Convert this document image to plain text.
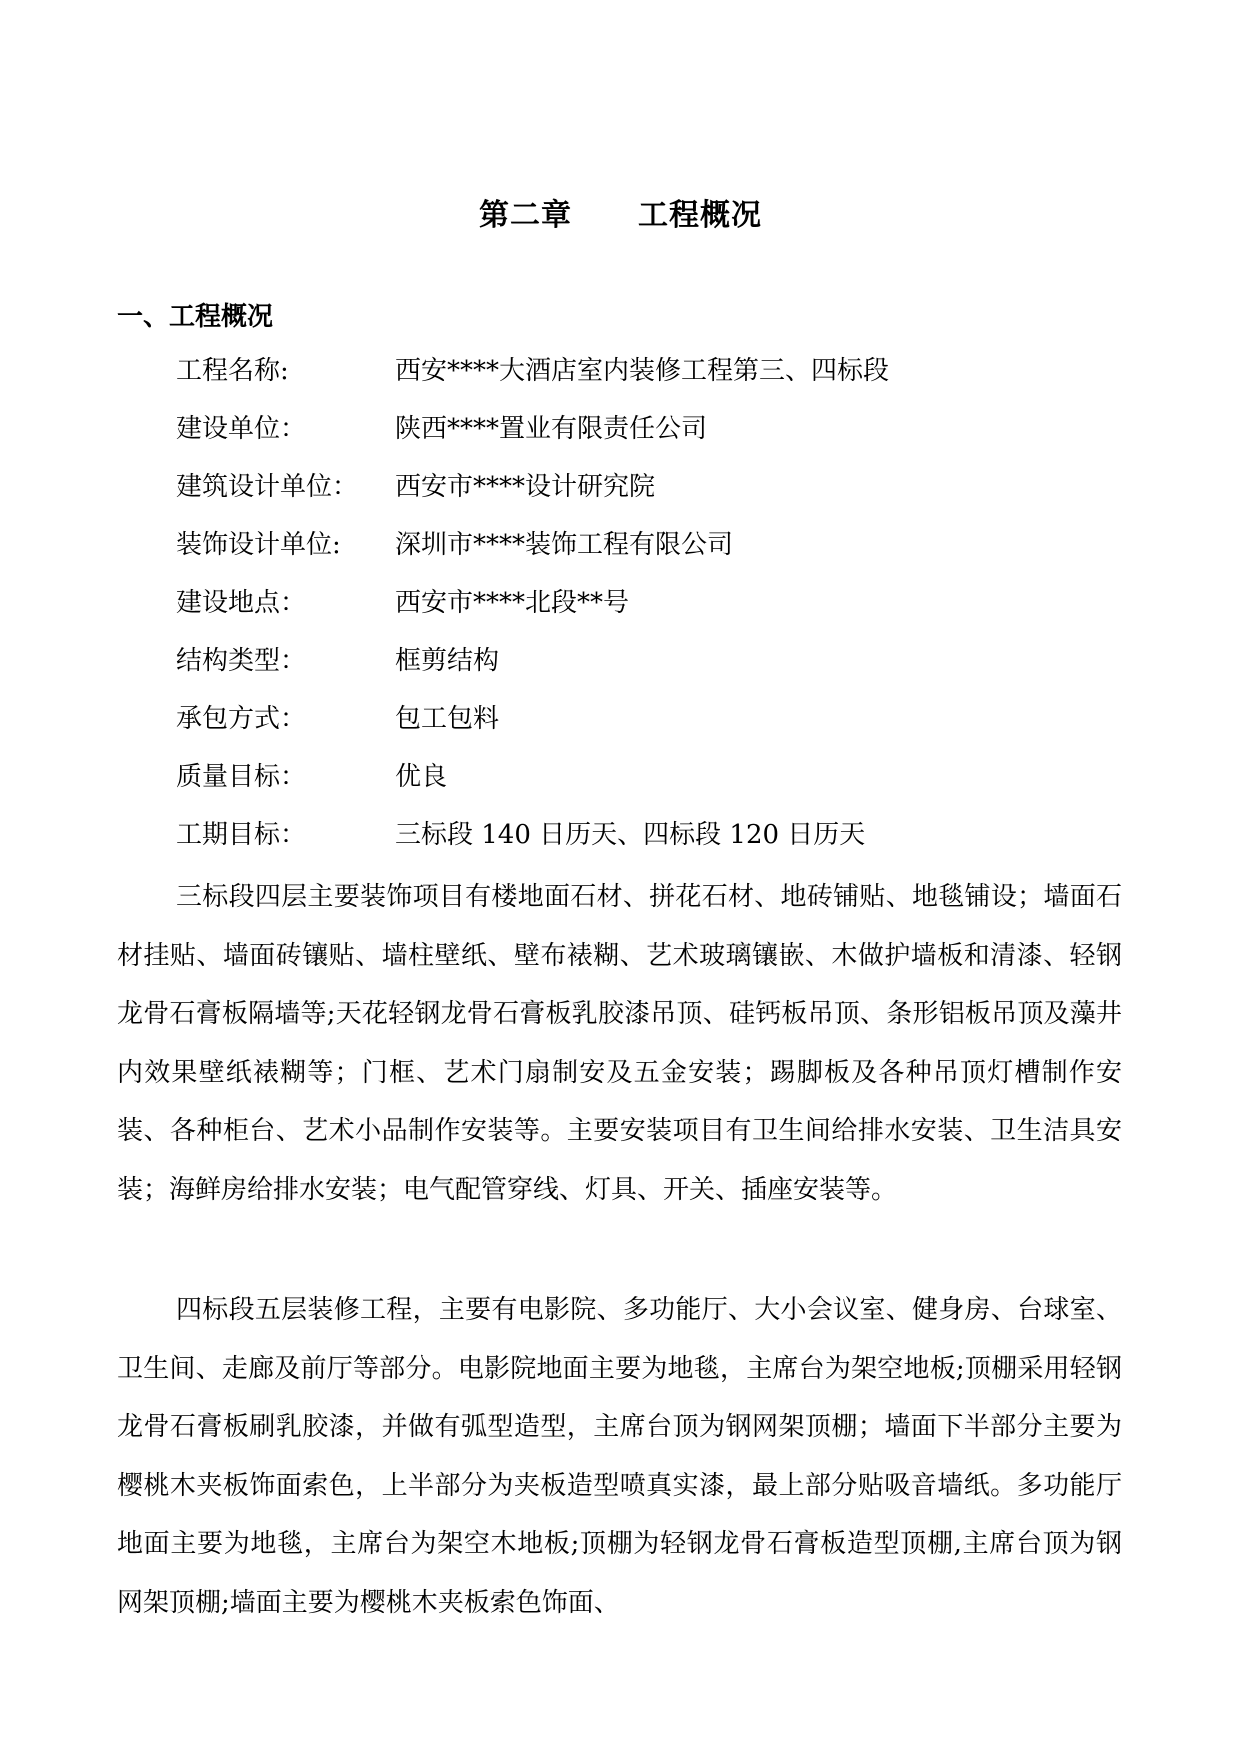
第二章 工程概况
一、工程概况
工程名称:	西安****大酒店室内装修工程第三、四标段
建设单位：	陕西****置业有限责任公司
建筑设计单位： 西安市****设计研究院
装饰设计单位: 深圳市****装饰工程有限公司
建设地点：	西安市****北段**号
结构类型：	框剪结构
承包方式：	包工包料
质量目标：	优良
工期目标：	三标段 140 日历天、四标段 120 日历天

三标段四层主要装饰项目有楼地面石材、拼花石材、地砖铺贴、地毯铺设；墙面石材挂贴、墙面砖镶贴、墙柱壁纸、壁布裱糊、艺术玻璃镶嵌、木做护墙板和清漆、轻钢龙骨石膏板隔墙等;天花轻钢龙骨石膏板乳胶漆吊顶、硅钙板吊顶、条形铝板吊顶及藻井内效果壁纸裱糊等；门框、艺术门扇制安及五金安装；踢脚板及各种吊顶灯槽制作安装、各种柜台、艺术小品制作安装等。主要安装项目有卫生间给排水安装、卫生洁具安装；海鲜房给排水安装；电气配管穿线、灯具、开关、插座安装等。

四标段五层装修工程，主要有电影院、多功能厅、大小会议室、健身房、台球室、卫生间、走廊及前厅等部分。电影院地面主要为地毯，主席台为架空地板;顶棚采用轻钢龙骨石膏板刷乳胶漆，并做有弧型造型，主席台顶为钢网架顶棚；墙面下半部分主要为樱桃木夹板饰面索色，上半部分为夹板造型喷真实漆，最上部分贴吸音墙纸。多功能厅地面主要为地毯，主席台为架空木地板;顶棚为轻钢龙骨石膏板造型顶棚,主席台顶为钢网架顶棚;墙面主要为樱桃木夹板索色饰面、
